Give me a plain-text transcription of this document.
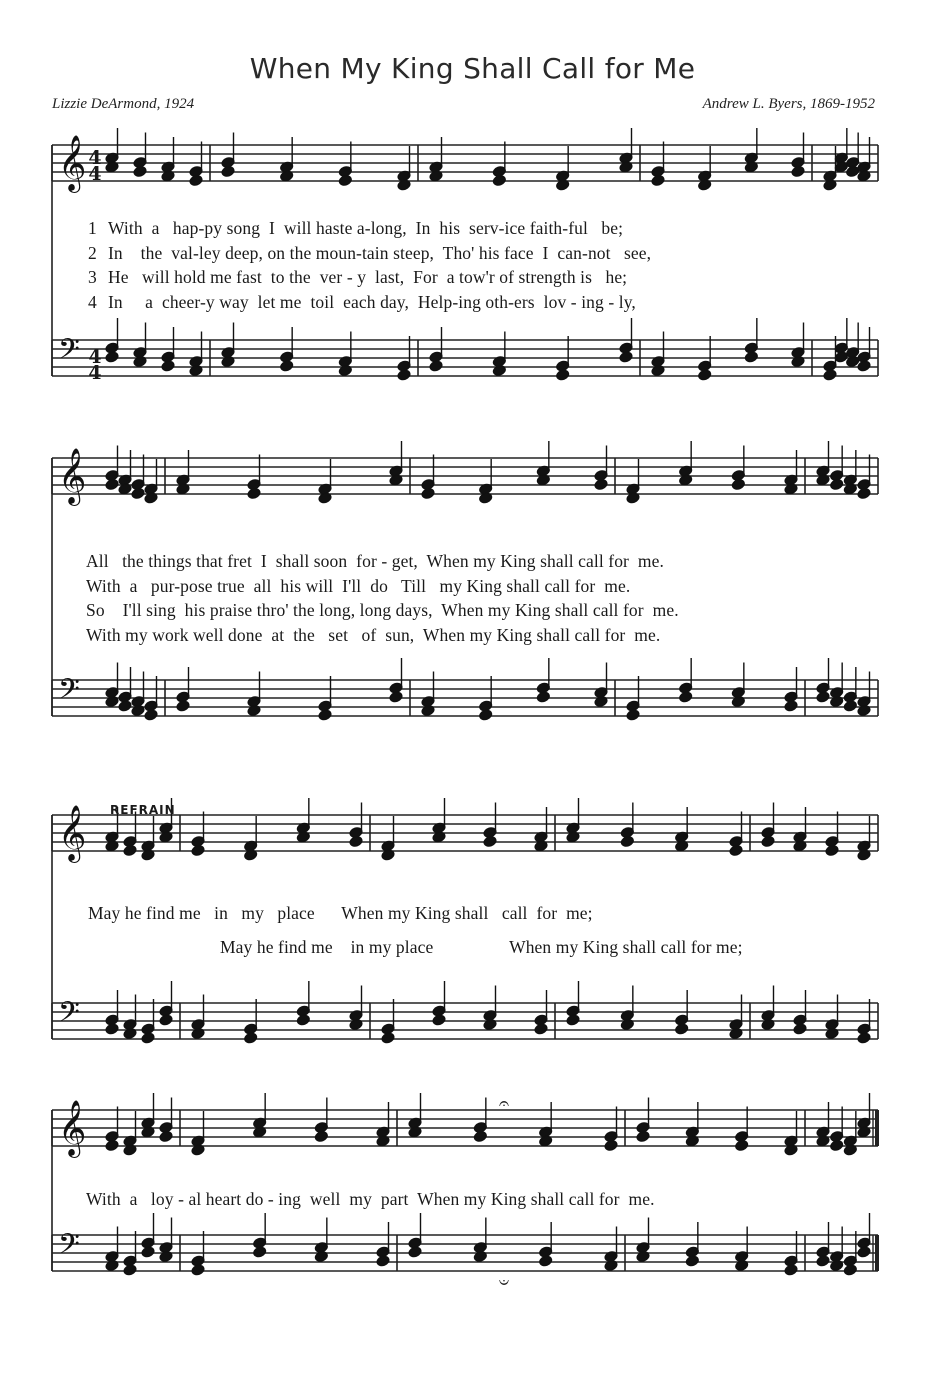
When My King Shall Call for Me
Lizzie DeArmond, 1924	Andrew L. Byers, 1869-1952
𝄞
𝄢
𝄞
𝄢
𝄞
𝄢
𝄞
𝄢
4
4
4
4
1 With  a   hap-py song  I  will haste a-long,  In  his  serv-ice faith-ful   be;
2 In    the  val-ley deep, on the moun-tain steep,  Tho' his face  I  can-not   see,
3 He   will hold me fast  to the  ver - y  last,  For  a tow'r of strength is   he;
4 In     a  cheer-y way  let me  toil  each day,  Help-ing oth-ers  lov - ing - ly,
All   the things that fret  I  shall soon  for - get,  When my King shall call for  me.
With  a   pur-pose true  all  his will  I'll  do   Till   my King shall call for  me.
So    I'll sing  his praise thro' the long, long days,  When my King shall call for  me.
With my work well done  at  the   set   of  sun,  When my King shall call for  me.
REFRAIN
May he find me   in   my   place      When my King shall   call  for  me;
May he find me    in my place                 When my King shall call for me;
With  a   loy - al heart do - ing  well  my  part  When my King shall call for  me.
𝄐
𝄐
